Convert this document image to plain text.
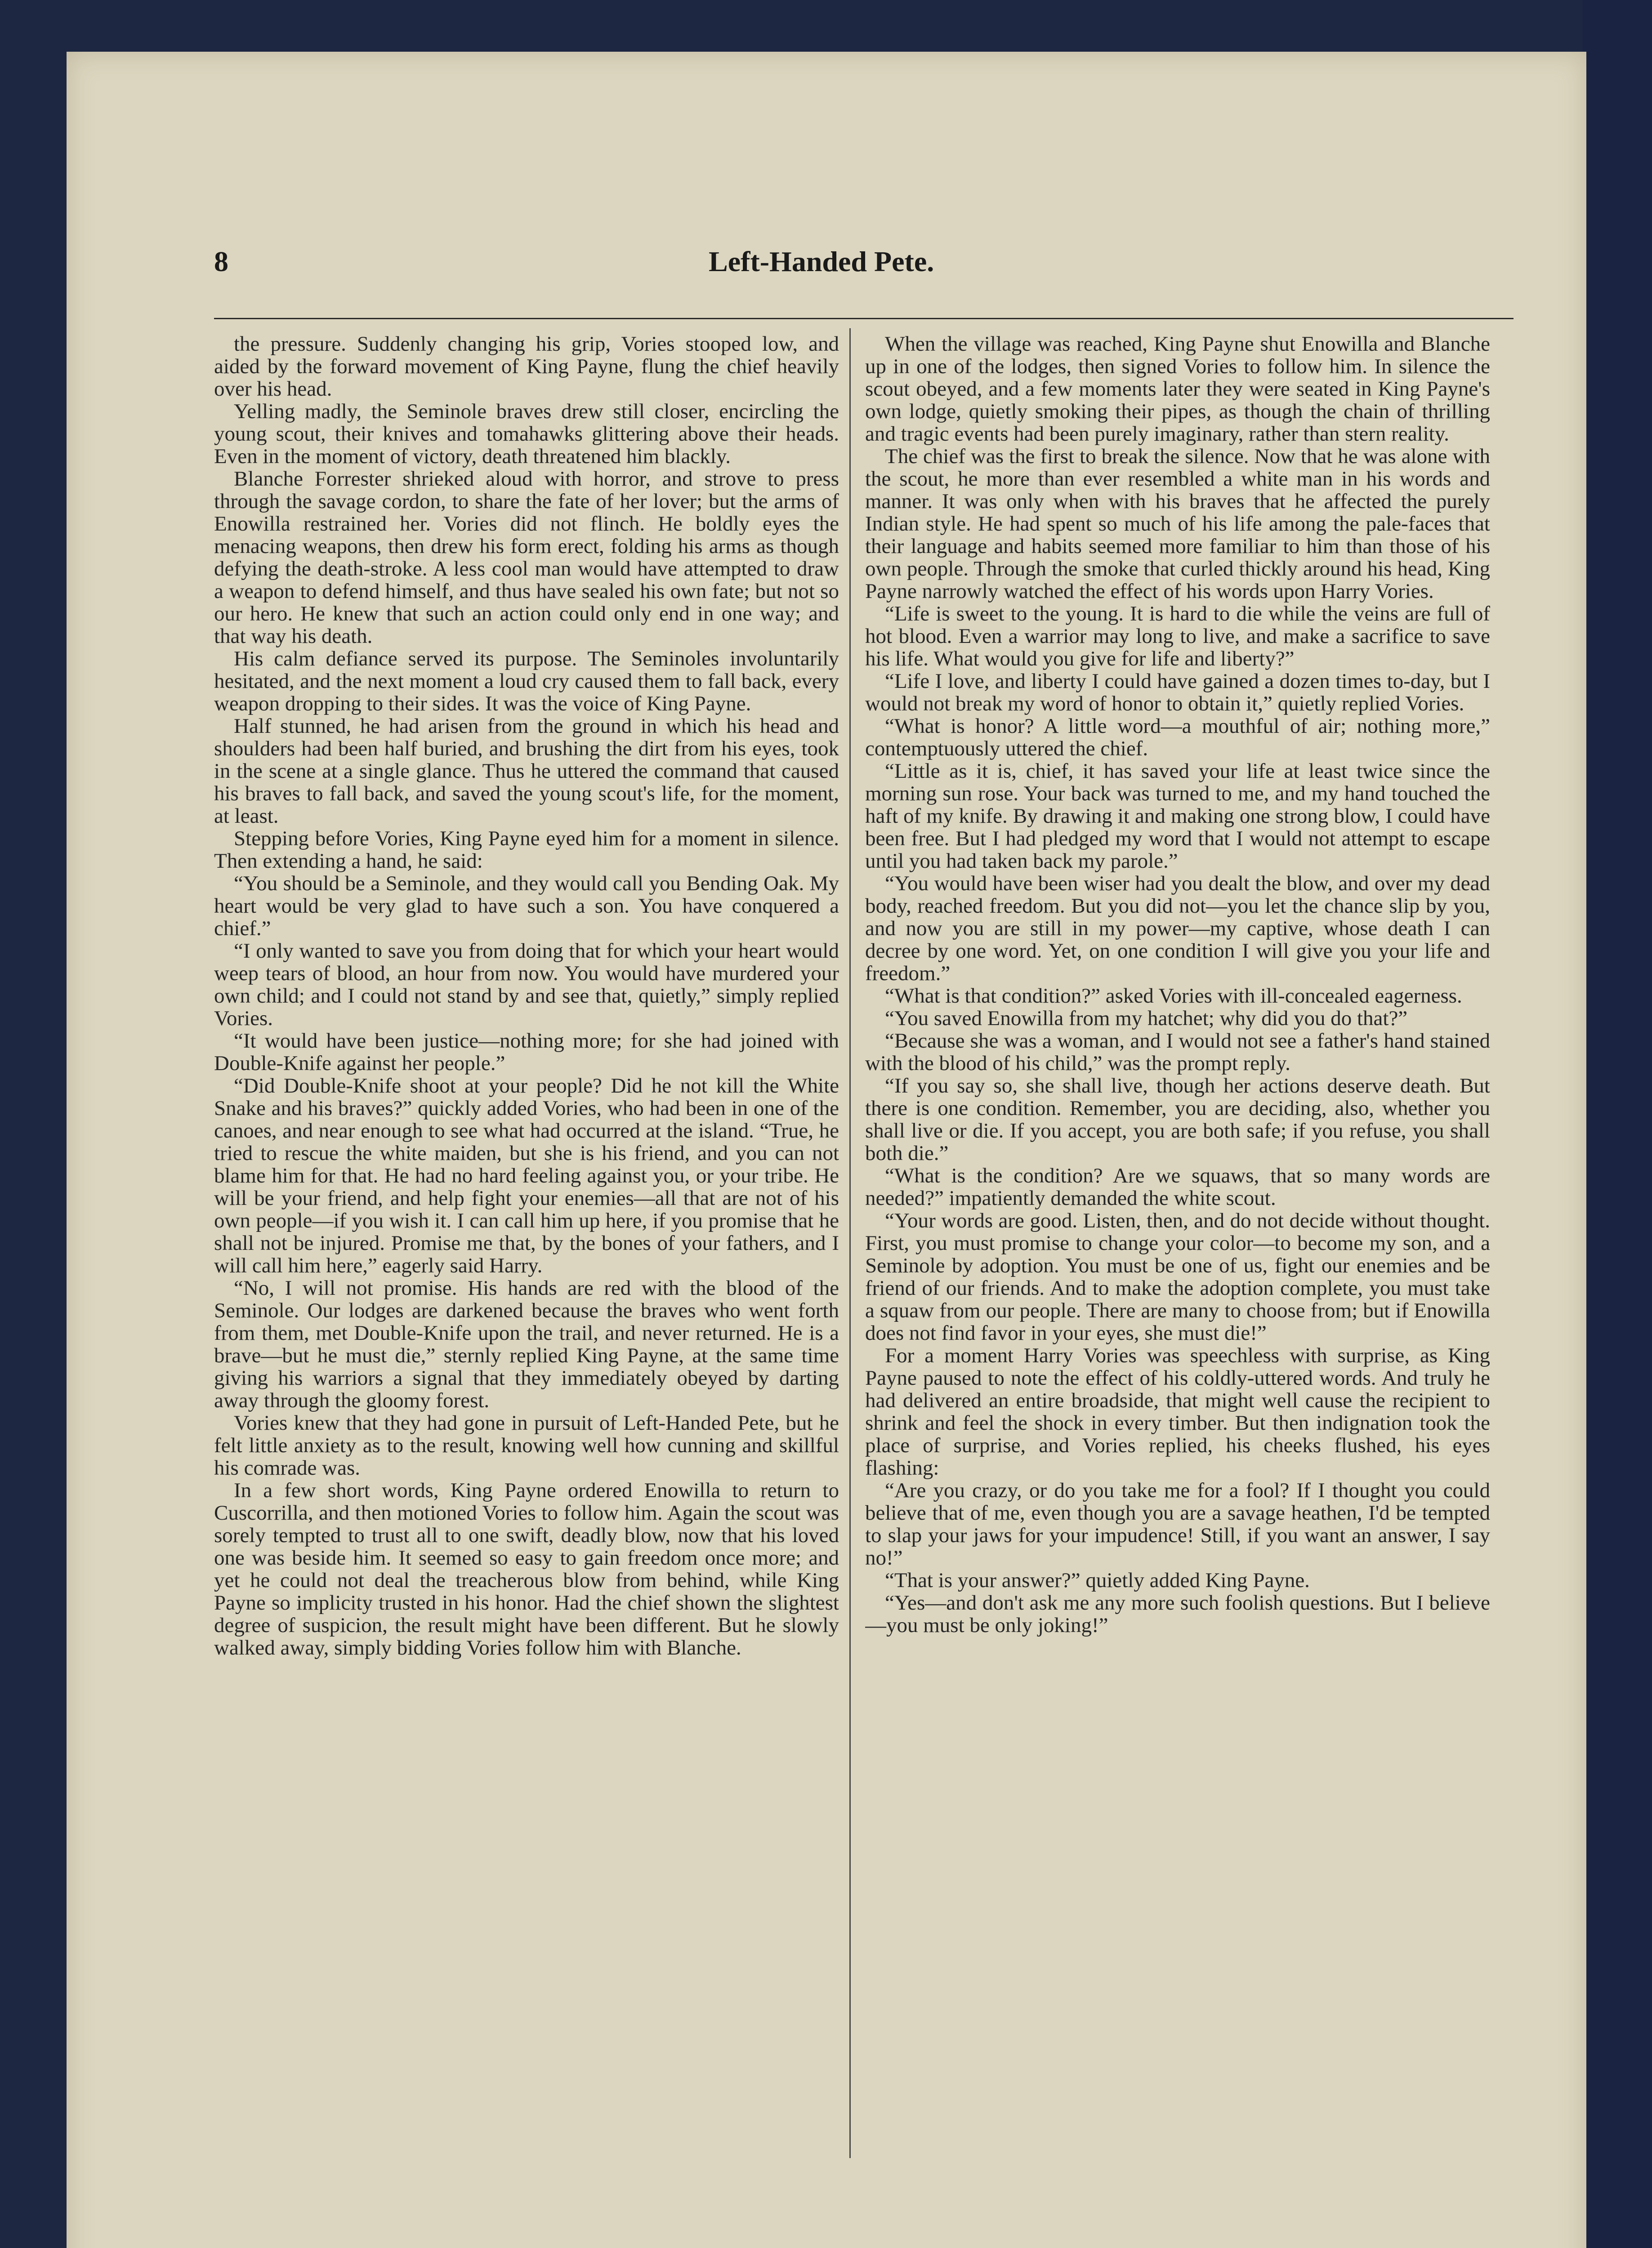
8	Left-Handed Pete.

the pressure. Suddenly changing his grip, Vories stooped low, and aided by the forward movement of King Payne, flung the chief heavily over his head.

Yelling madly, the Seminole braves drew still closer, encircling the young scout, their knives and tomahawks glittering above their heads. Even in the moment of victory, death threatened him blackly.

Blanche Forrester shrieked aloud with horror, and strove to press through the savage cordon, to share the fate of her lover; but the arms of Enowilla restrained her. Vories did not flinch. He boldly eyes the menacing weapons, then drew his form erect, folding his arms as though defying the death-stroke. A less cool man would have attempted to draw a weapon to defend himself, and thus have sealed his own fate; but not so our hero. He knew that such an action could only end in one way; and that way his death.

His calm defiance served its purpose. The Seminoles involuntarily hesitated, and the next moment a loud cry caused them to fall back, every weapon dropping to their sides. It was the voice of King Payne.

Half stunned, he had arisen from the ground in which his head and shoulders had been half buried, and brushing the dirt from his eyes, took in the scene at a single glance. Thus he uttered the command that caused his braves to fall back, and saved the young scout's life, for the moment, at least.

Stepping before Vories, King Payne eyed him for a moment in silence. Then extending a hand, he said:

“You should be a Seminole, and they would call you Bending Oak. My heart would be very glad to have such a son. You have conquered a chief.”

“I only wanted to save you from doing that for which your heart would weep tears of blood, an hour from now. You would have murdered your own child; and I could not stand by and see that, quietly,” simply replied Vories.

“It would have been justice—nothing more; for she had joined with Double-Knife against her people.”

“Did Double-Knife shoot at your people? Did he not kill the White Snake and his braves?” quickly added Vories, who had been in one of the canoes, and near enough to see what had occurred at the island. “True, he tried to rescue the white maiden, but she is his friend, and you can not blame him for that. He had no hard feeling against you, or your tribe. He will be your friend, and help fight your enemies—all that are not of his own people—if you wish it. I can call him up here, if you promise that he shall not be injured. Promise me that, by the bones of your fathers, and I will call him here,” eagerly said Harry.

“No, I will not promise. His hands are red with the blood of the Seminole. Our lodges are darkened because the braves who went forth from them, met Double-Knife upon the trail, and never returned. He is a brave—but he must die,” sternly replied King Payne, at the same time giving his warriors a signal that they immediately obeyed by darting away through the gloomy forest.

Vories knew that they had gone in pursuit of Left-Handed Pete, but he felt little anxiety as to the result, knowing well how cunning and skillful his comrade was.

In a few short words, King Payne ordered Enowilla to return to Cuscorrilla, and then motioned Vories to follow him. Again the scout was sorely tempted to trust all to one swift, deadly blow, now that his loved one was beside him. It seemed so easy to gain freedom once more; and yet he could not deal the treacherous blow from behind, while King Payne so implicity trusted in his honor. Had the chief shown the slightest degree of suspicion, the result might have been different. But he slowly walked away, simply bidding Vories follow him with Blanche.

When the village was reached, King Payne shut Enowilla and Blanche up in one of the lodges, then signed Vories to follow him. In silence the scout obeyed, and a few moments later they were seated in King Payne's own lodge, quietly smoking their pipes, as though the chain of thrilling and tragic events had been purely imaginary, rather than stern reality.

The chief was the first to break the silence. Now that he was alone with the scout, he more than ever resembled a white man in his words and manner. It was only when with his braves that he affected the purely Indian style. He had spent so much of his life among the pale-faces that their language and habits seemed more familiar to him than those of his own people. Through the smoke that curled thickly around his head, King Payne narrowly watched the effect of his words upon Harry Vories.

“Life is sweet to the young. It is hard to die while the veins are full of hot blood. Even a warrior may long to live, and make a sacrifice to save his life. What would you give for life and liberty?”

“Life I love, and liberty I could have gained a dozen times to-day, but I would not break my word of honor to obtain it,” quietly replied Vories.

“What is honor? A little word—a mouthful of air; nothing more,” contemptuously uttered the chief.

“Little as it is, chief, it has saved your life at least twice since the morning sun rose. Your back was turned to me, and my hand touched the haft of my knife. By drawing it and making one strong blow, I could have been free. But I had pledged my word that I would not attempt to escape until you had taken back my parole.”

“You would have been wiser had you dealt the blow, and over my dead body, reached freedom. But you did not—you let the chance slip by you, and now you are still in my power—my captive, whose death I can decree by one word. Yet, on one condition I will give you your life and freedom.”

“What is that condition?” asked Vories with ill-concealed eagerness.

“You saved Enowilla from my hatchet; why did you do that?”

“Because she was a woman, and I would not see a father's hand stained with the blood of his child,” was the prompt reply.

“If you say so, she shall live, though her actions deserve death. But there is one condition. Remember, you are deciding, also, whether you shall live or die. If you accept, you are both safe; if you refuse, you shall both die.”

“What is the condition? Are we squaws, that so many words are needed?” impatiently demanded the white scout.

“Your words are good. Listen, then, and do not decide without thought. First, you must promise to change your color—to become my son, and a Seminole by adoption. You must be one of us, fight our enemies and be friend of our friends. And to make the adoption complete, you must take a squaw from our people. There are many to choose from; but if Enowilla does not find favor in your eyes, she must die!”

For a moment Harry Vories was speechless with surprise, as King Payne paused to note the effect of his coldly-uttered words. And truly he had delivered an entire broadside, that might well cause the recipient to shrink and feel the shock in every timber. But then indignation took the place of surprise, and Vories replied, his cheeks flushed, his eyes flashing:

“Are you crazy, or do you take me for a fool? If I thought you could believe that of me, even though you are a savage heathen, I'd be tempted to slap your jaws for your impudence! Still, if you want an answer, I say no!”

“That is your answer?” quietly added King Payne.

“Yes—and don't ask me any more such foolish questions. But I believe—you must be only joking!”
